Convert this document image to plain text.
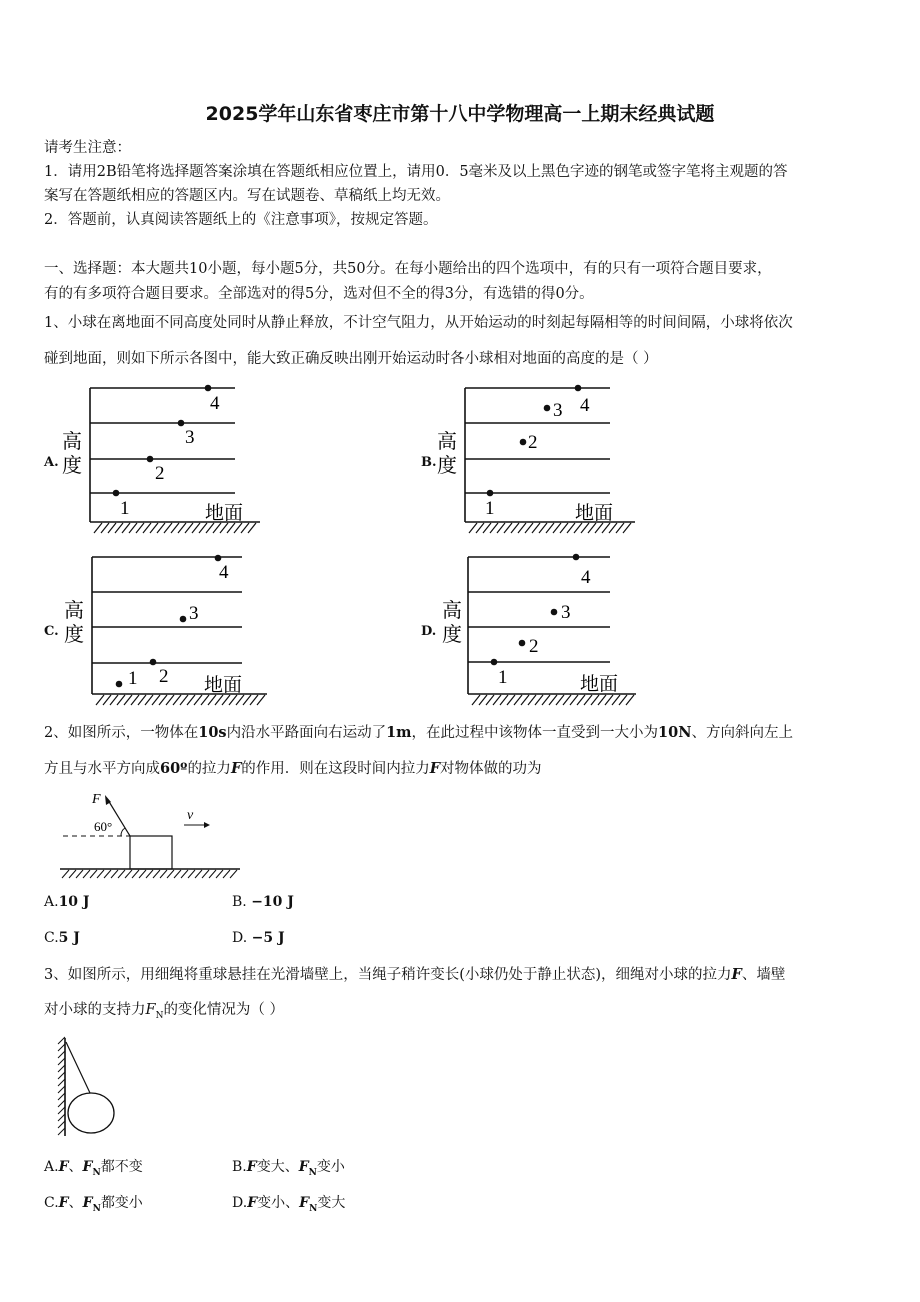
2025学年山东省枣庄市第十八中学物理高一上期末经典试题
请考生注意：
1．请用2B铅笔将选择题答案涂填在答题纸相应位置上，请用0．5毫米及以上黑色字迹的钢笔或签字笔将主观题的答
案写在答题纸相应的答题区内。写在试题卷、草稿纸上均无效。
2．答题前，认真阅读答题纸上的《注意事项》，按规定答题。
一、选择题：本大题共10小题，每小题5分，共50分。在每小题给出的四个选项中，有的只有一项符合题目要求，
有的有多项符合题目要求。全部选对的得5分，选对但不全的得3分，有选错的得0分。
1、小球在离地面不同高度处同时从静止释放，不计空气阻力，从开始运动的时刻起每隔相等的时间间隔，小球将依次
碰到地面，则如下所示各图中，能大致正确反映出刚开始运动时各小球相对地面的高度的是（ ）
A.
高
度
地面
1
2
3
4
B.
高
度
地面
1
2
3 4
C.
高
度
地面
1 2
3
4
D.
高
度
地面
1
2
3
4
2、如图所示，一物体在10s内沿水平路面向右运动了1m，在此过程中该物体一直受到一大小为10N、方向斜向左上
方且与水平方向成60º的拉力F的作用．则在这段时间内拉力F对物体做的功为
F
60°
v
A.10 J	B. −10 J
C.5 J	D. −5 J
3、如图所示，用细绳将重球悬挂在光滑墙壁上，当绳子稍许变长(小球仍处于静止状态)，细绳对小球的拉力F、墙壁
对小球的支持力$F_N$的变化情况为（ ）
A.F、$F_N$都不变	B.F变大、$F_N$变小
C.F、$F_N$都变小	D.F变小、$F_N$变大
